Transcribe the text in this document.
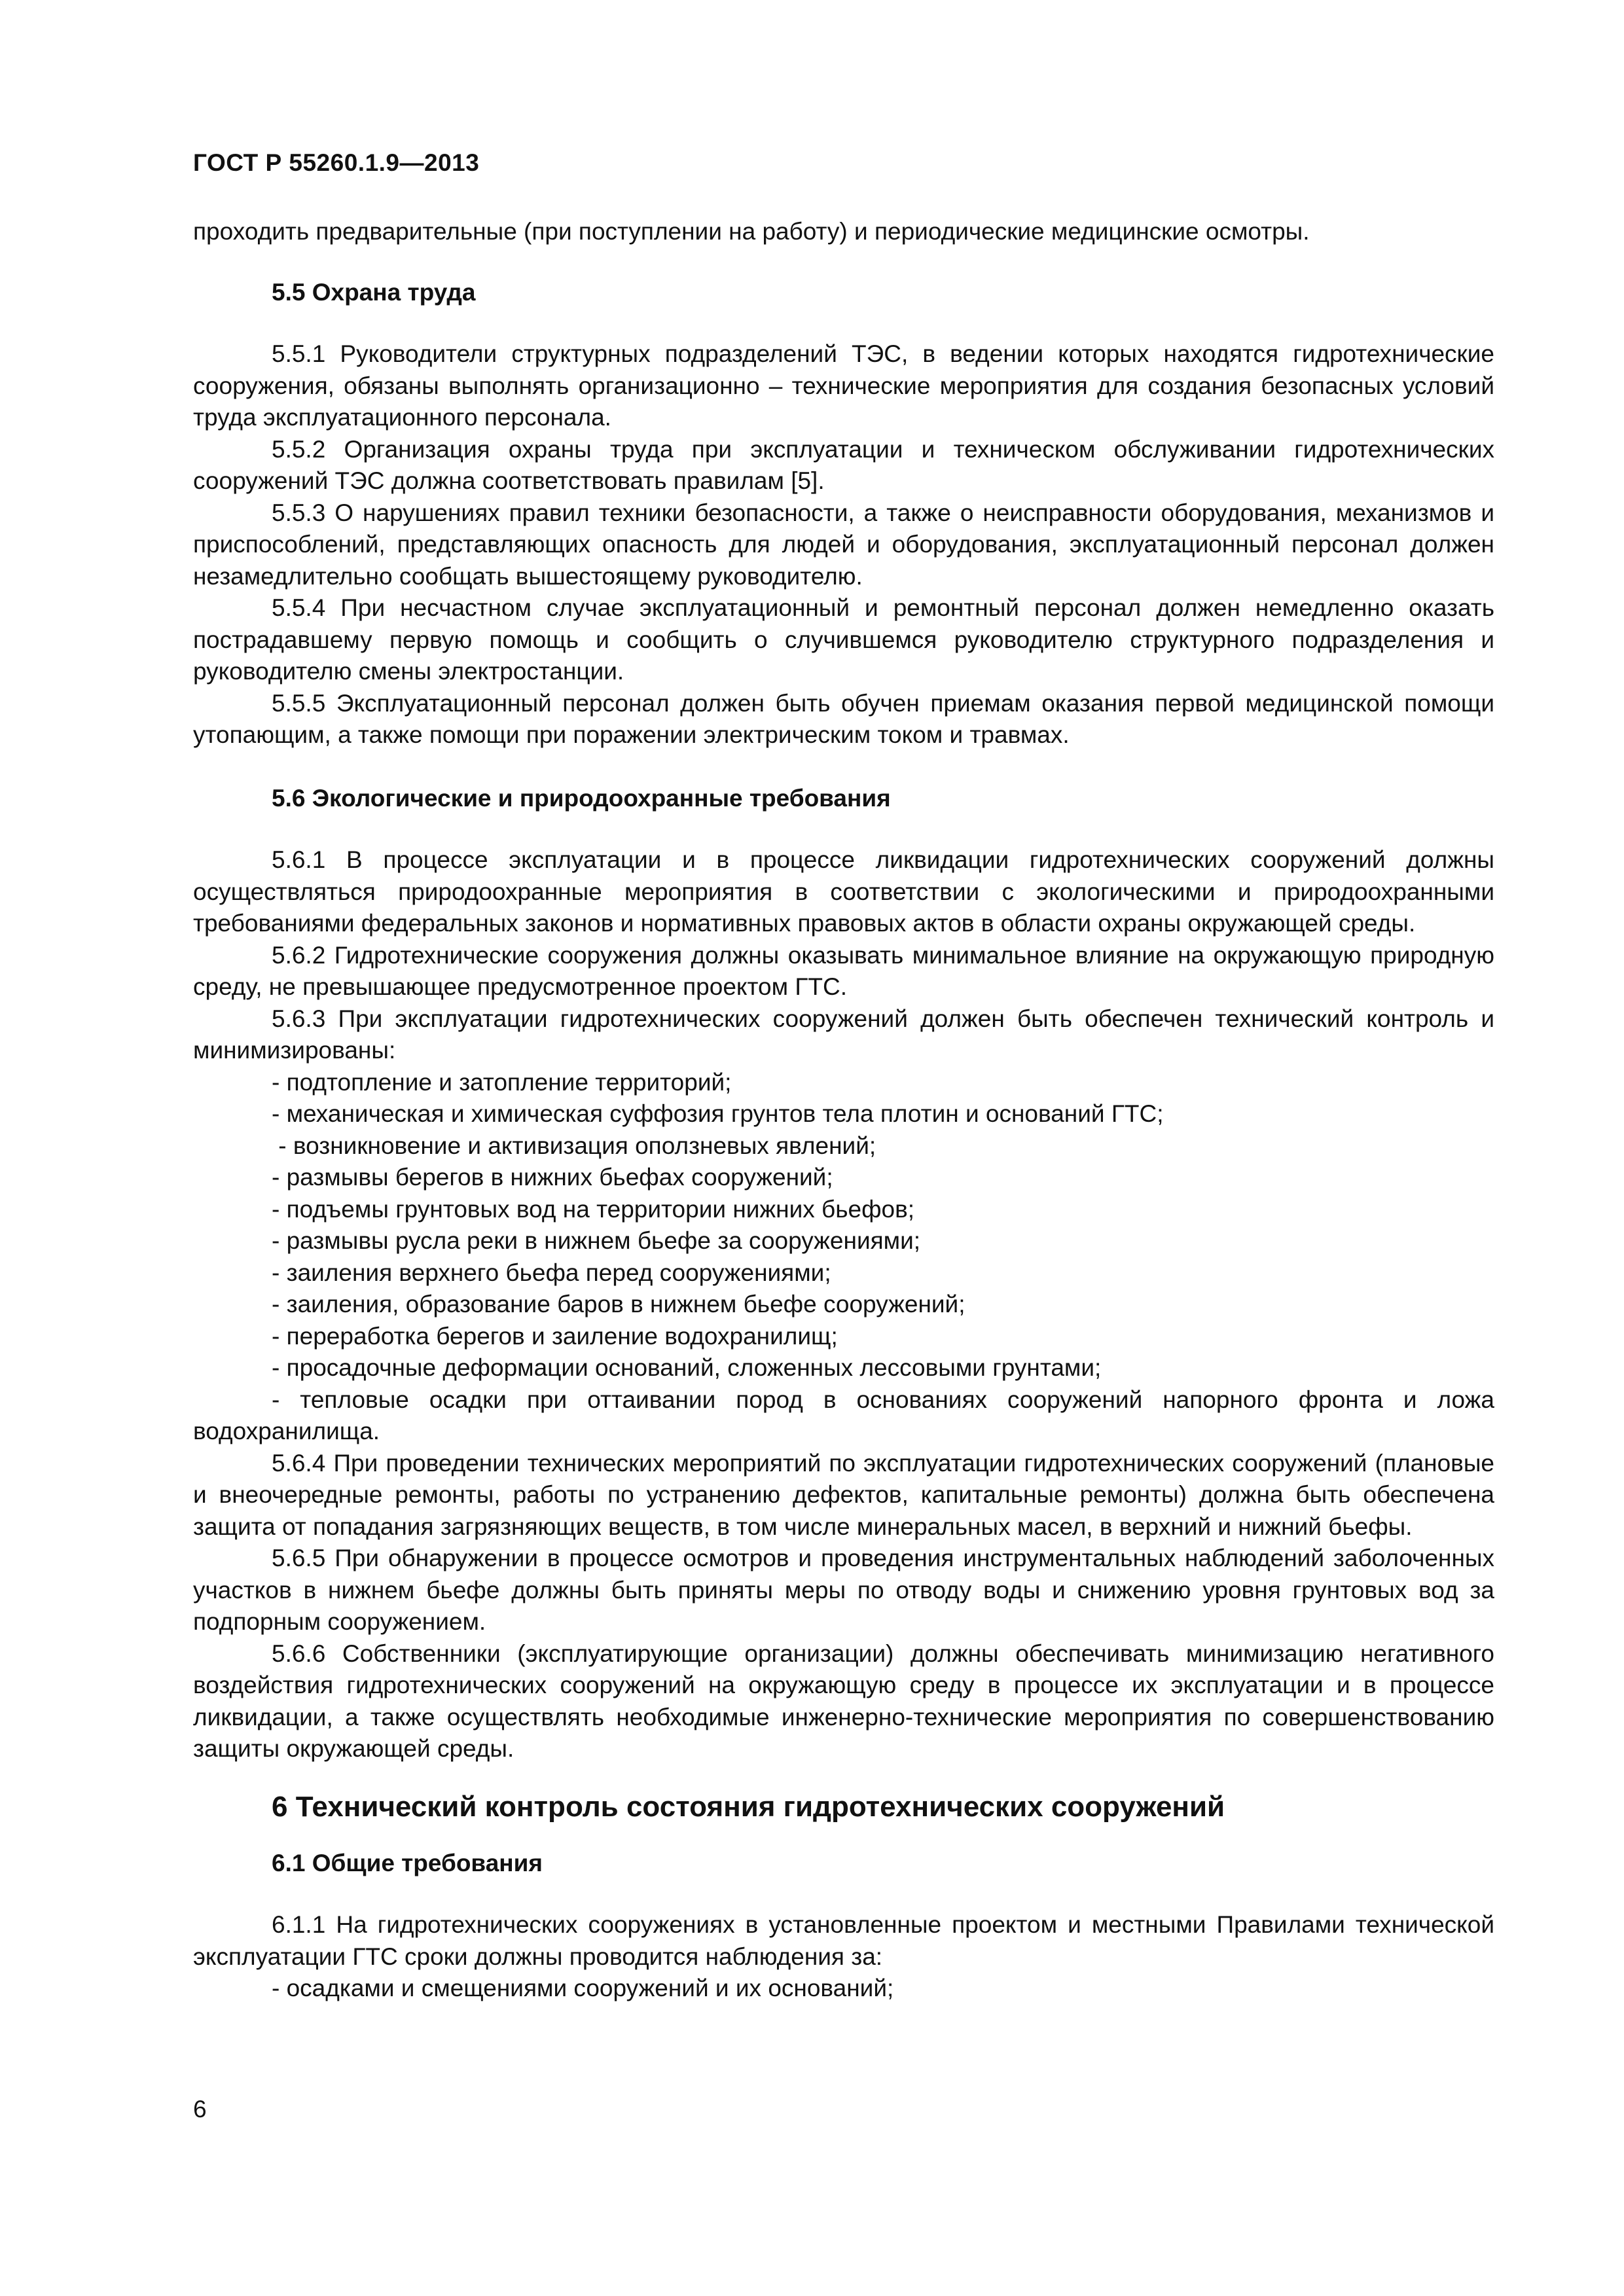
ГОСТ Р 55260.1.9—2013

проходить предварительные (при поступлении на работу) и периодические медицинские осмотры.

5.5 Охрана труда

5.5.1 Руководители структурных подразделений ТЭС, в ведении которых находятся гидротехнические сооружения, обязаны выполнять организационно – технические мероприятия для создания безопасных условий труда эксплуатационного персонала.

5.5.2 Организация охраны труда при эксплуатации и техническом обслуживании гидротехнических сооружений ТЭС должна соответствовать правилам [5].

5.5.3 О нарушениях правил техники безопасности, а также о неисправности оборудования, механизмов и приспособлений, представляющих опасность для людей и оборудования, эксплуатационный персонал должен незамедлительно сообщать вышестоящему руководителю.

5.5.4 При несчастном случае эксплуатационный и ремонтный персонал должен немедленно оказать пострадавшему первую помощь и сообщить о случившемся руководителю структурного подразделения и руководителю смены электростанции.

5.5.5 Эксплуатационный персонал должен быть обучен приемам оказания первой медицинской помощи утопающим, а также помощи при поражении электрическим током и травмах.

5.6 Экологические и природоохранные требования

5.6.1 В процессе эксплуатации и в процессе ликвидации гидротехнических сооружений должны осуществляться природоохранные мероприятия в соответствии с экологическими и природоохранными требованиями федеральных законов и нормативных правовых актов в области охраны окружающей среды.

5.6.2 Гидротехнические сооружения должны оказывать минимальное влияние на окружающую природную среду, не превышающее предусмотренное проектом ГТС.

5.6.3 При эксплуатации гидротехнических сооружений должен быть обеспечен технический контроль и минимизированы:

- подтопление и затопление территорий;

- механическая и химическая суффозия грунтов тела плотин и оснований ГТС;

- возникновение и активизация оползневых явлений;

- размывы берегов в нижних бьефах сооружений;

- подъемы грунтовых вод на территории нижних бьефов;

- размывы русла реки в нижнем бьефе за сооружениями;

- заиления верхнего бьефа перед сооружениями;

- заиления, образование баров в нижнем бьефе сооружений;

- переработка берегов и заиление водохранилищ;

- просадочные деформации оснований, сложенных лессовыми грунтами;

- тепловые осадки при оттаивании пород в основаниях сооружений напорного фронта и ложа водохранилища.

5.6.4 При проведении технических мероприятий по эксплуатации гидротехнических сооружений (плановые и внеочередные ремонты, работы по устранению дефектов, капитальные ремонты) должна быть обеспечена защита от попадания загрязняющих веществ, в том числе минеральных масел, в верхний и нижний бьефы.

5.6.5 При обнаружении в процессе осмотров и проведения инструментальных наблюдений заболоченных участков в нижнем бьефе должны быть приняты меры по отводу воды и снижению уровня грунтовых вод за подпорным сооружением.

5.6.6 Собственники (эксплуатирующие организации) должны обеспечивать минимизацию негативного воздействия гидротехнических сооружений на окружающую среду в процессе их эксплуатации и в процессе ликвидации, а также осуществлять необходимые инженерно-технические мероприятия по совершенствованию защиты окружающей среды.

6 Технический контроль состояния гидротехнических сооружений
6.1 Общие требования

6.1.1 На гидротехнических сооружениях в установленные проектом и местными Правилами технической эксплуатации ГТС сроки должны проводится наблюдения за:

- осадками и смещениями сооружений и их оснований;

6
